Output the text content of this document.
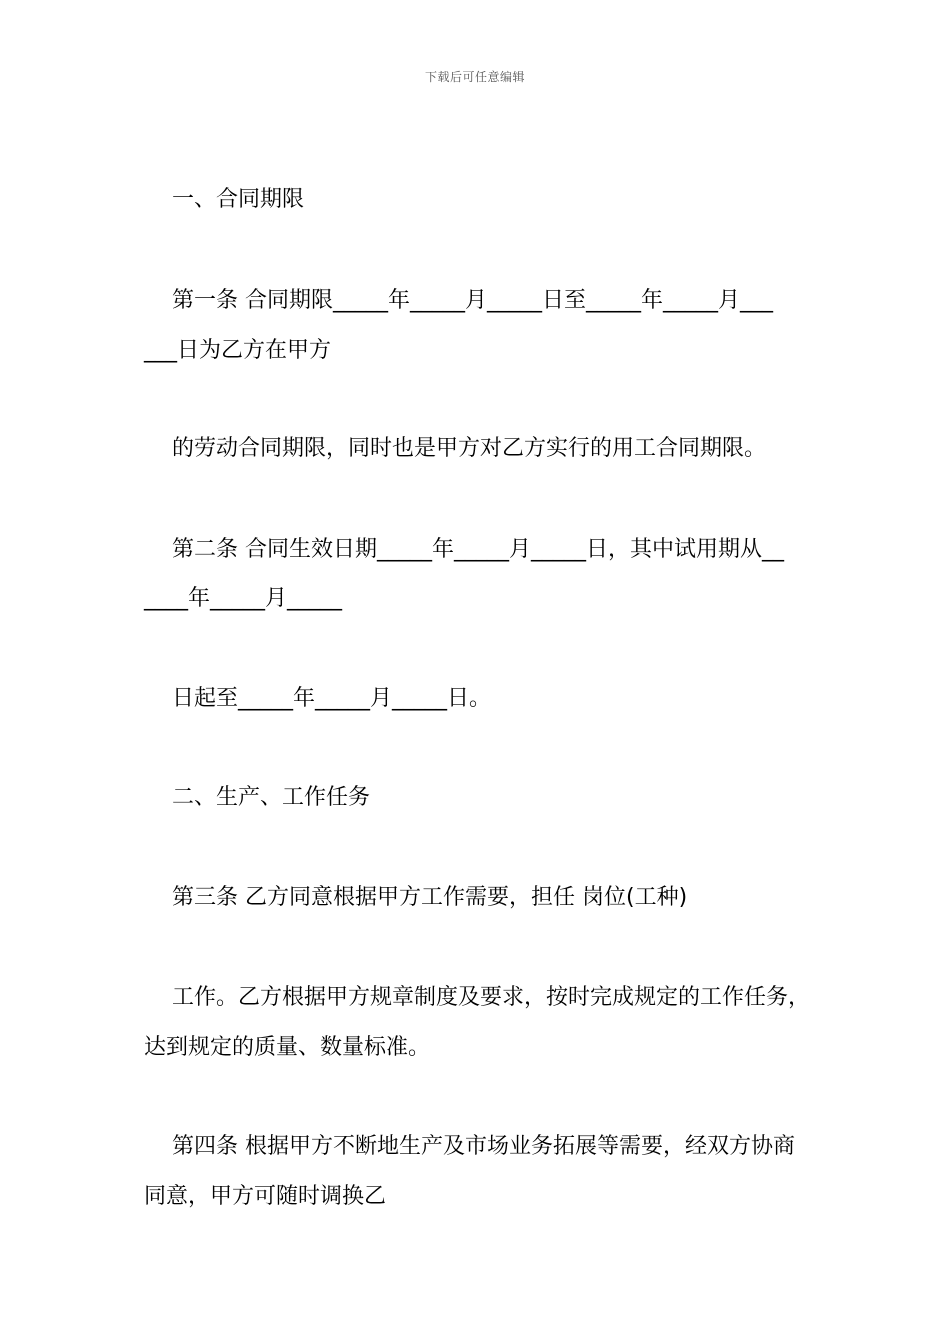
下载后可任意编辑
一、合同期限
第一条 合同期限_____年_____月_____日至_____年_____月___
___日为乙方在甲方
的劳动合同期限，同时也是甲方对乙方实行的用工合同期限。
第二条 合同生效日期_____年_____月_____日，其中试用期从__
____年_____月_____
日起至_____年_____月_____日。
二、生产、工作任务
第三条 乙方同意根据甲方工作需要，担任 岗位(工种)
工作。乙方根据甲方规章制度及要求，按时完成规定的工作任务，
达到规定的质量、数量标准。
第四条 根据甲方不断地生产及市场业务拓展等需要，经双方协商
同意，甲方可随时调换乙
